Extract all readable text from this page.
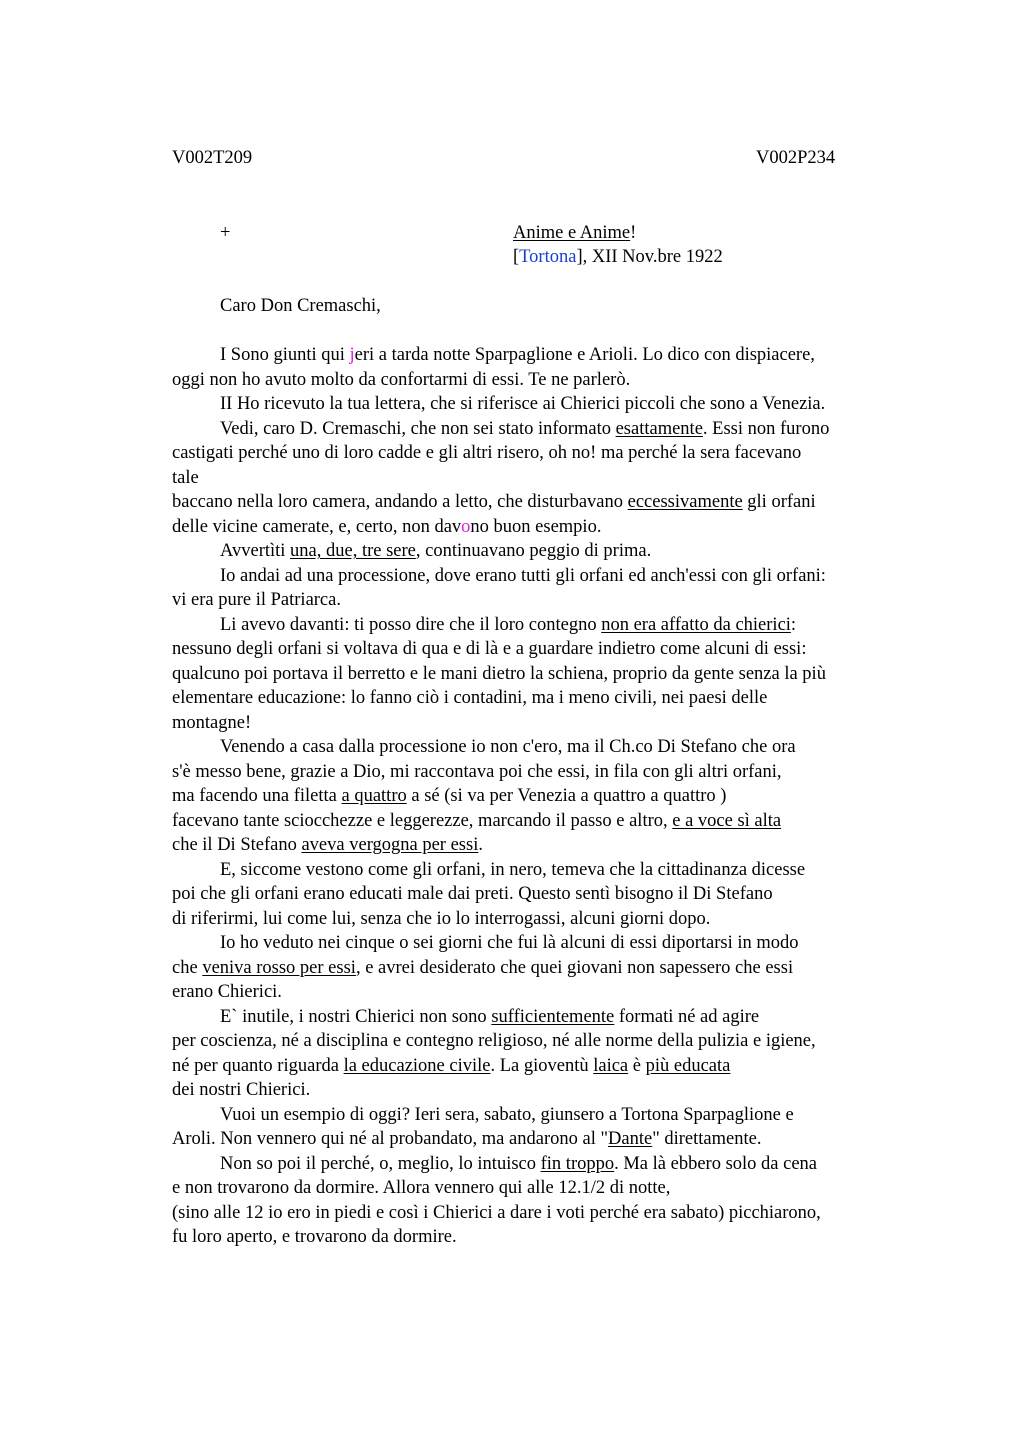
V002T209	V002P234
+	Anime e Anime!
[Tortona], XII Nov.bre 1922
Caro Don Cremaschi,
I Sono giunti qui jeri a tarda notte Sparpaglione e Arioli. Lo dico con dispiacere,
oggi non ho avuto molto da confortarmi di essi. Te ne parlerò.
II Ho ricevuto la tua lettera, che si riferisce ai Chierici piccoli che sono a Venezia.
Vedi, caro D. Cremaschi, che non sei stato informato esattamente. Essi non furono
castigati perché uno di loro cadde e gli altri risero, oh no! ma perché la sera facevano
tale
baccano nella loro camera, andando a letto, che disturbavano eccessivamente gli orfani
delle vicine camerate, e, certo, non davono buon esempio.
Avvertìti una, due, tre sere, continuavano peggio di prima.
Io andai ad una processione, dove erano tutti gli orfani ed anch'essi con gli orfani:
vi era pure il Patriarca.
Li avevo davanti: ti posso dire che il loro contegno non era affatto da chierici:
nessuno degli orfani si voltava di qua e di là e a guardare indietro come alcuni di essi:
qualcuno poi portava il berretto e le mani dietro la schiena, proprio da gente senza la più
elementare educazione: lo fanno ciò i contadini, ma i meno civili, nei paesi delle
montagne!
Venendo a casa dalla processione io non c'ero, ma il Ch.co Di Stefano che ora
s'è messo bene, grazie a Dio, mi raccontava poi che essi, in fila con gli altri orfani,
ma facendo una filetta a quattro a sé (si va per Venezia a quattro a quattro )
facevano tante sciocchezze e leggerezze, marcando il passo e altro, e a voce sì alta
che il Di Stefano aveva vergogna per essi.
E, siccome vestono come gli orfani, in nero, temeva che la cittadinanza dicesse
poi che gli orfani erano educati male dai preti. Questo sentì bisogno il Di Stefano
di riferirmi, lui come lui, senza che io lo interrogassi, alcuni giorni dopo.
Io ho veduto nei cinque o sei giorni che fui là alcuni di essi diportarsi in modo
che veniva rosso per essi, e avrei desiderato che quei giovani non sapessero che essi
erano Chierici.
E` inutile, i nostri Chierici non sono sufficientemente formati né ad agire
per coscienza, né a disciplina e contegno religioso, né alle norme della pulizia e igiene,
né per quanto riguarda la educazione civile. La gioventù laica è più educata
dei nostri Chierici.
Vuoi un esempio di oggi? Ieri sera, sabato, giunsero a Tortona Sparpaglione e
Aroli. Non vennero qui né al probandato, ma andarono al "Dante" direttamente.
Non so poi il perché, o, meglio, lo intuisco fin troppo. Ma là ebbero solo da cena
e non trovarono da dormire. Allora vennero qui alle 12.1/2 di notte,
(sino alle 12 io ero in piedi e così i Chierici a dare i voti perché era sabato) picchiarono,
fu loro aperto, e trovarono da dormire.
